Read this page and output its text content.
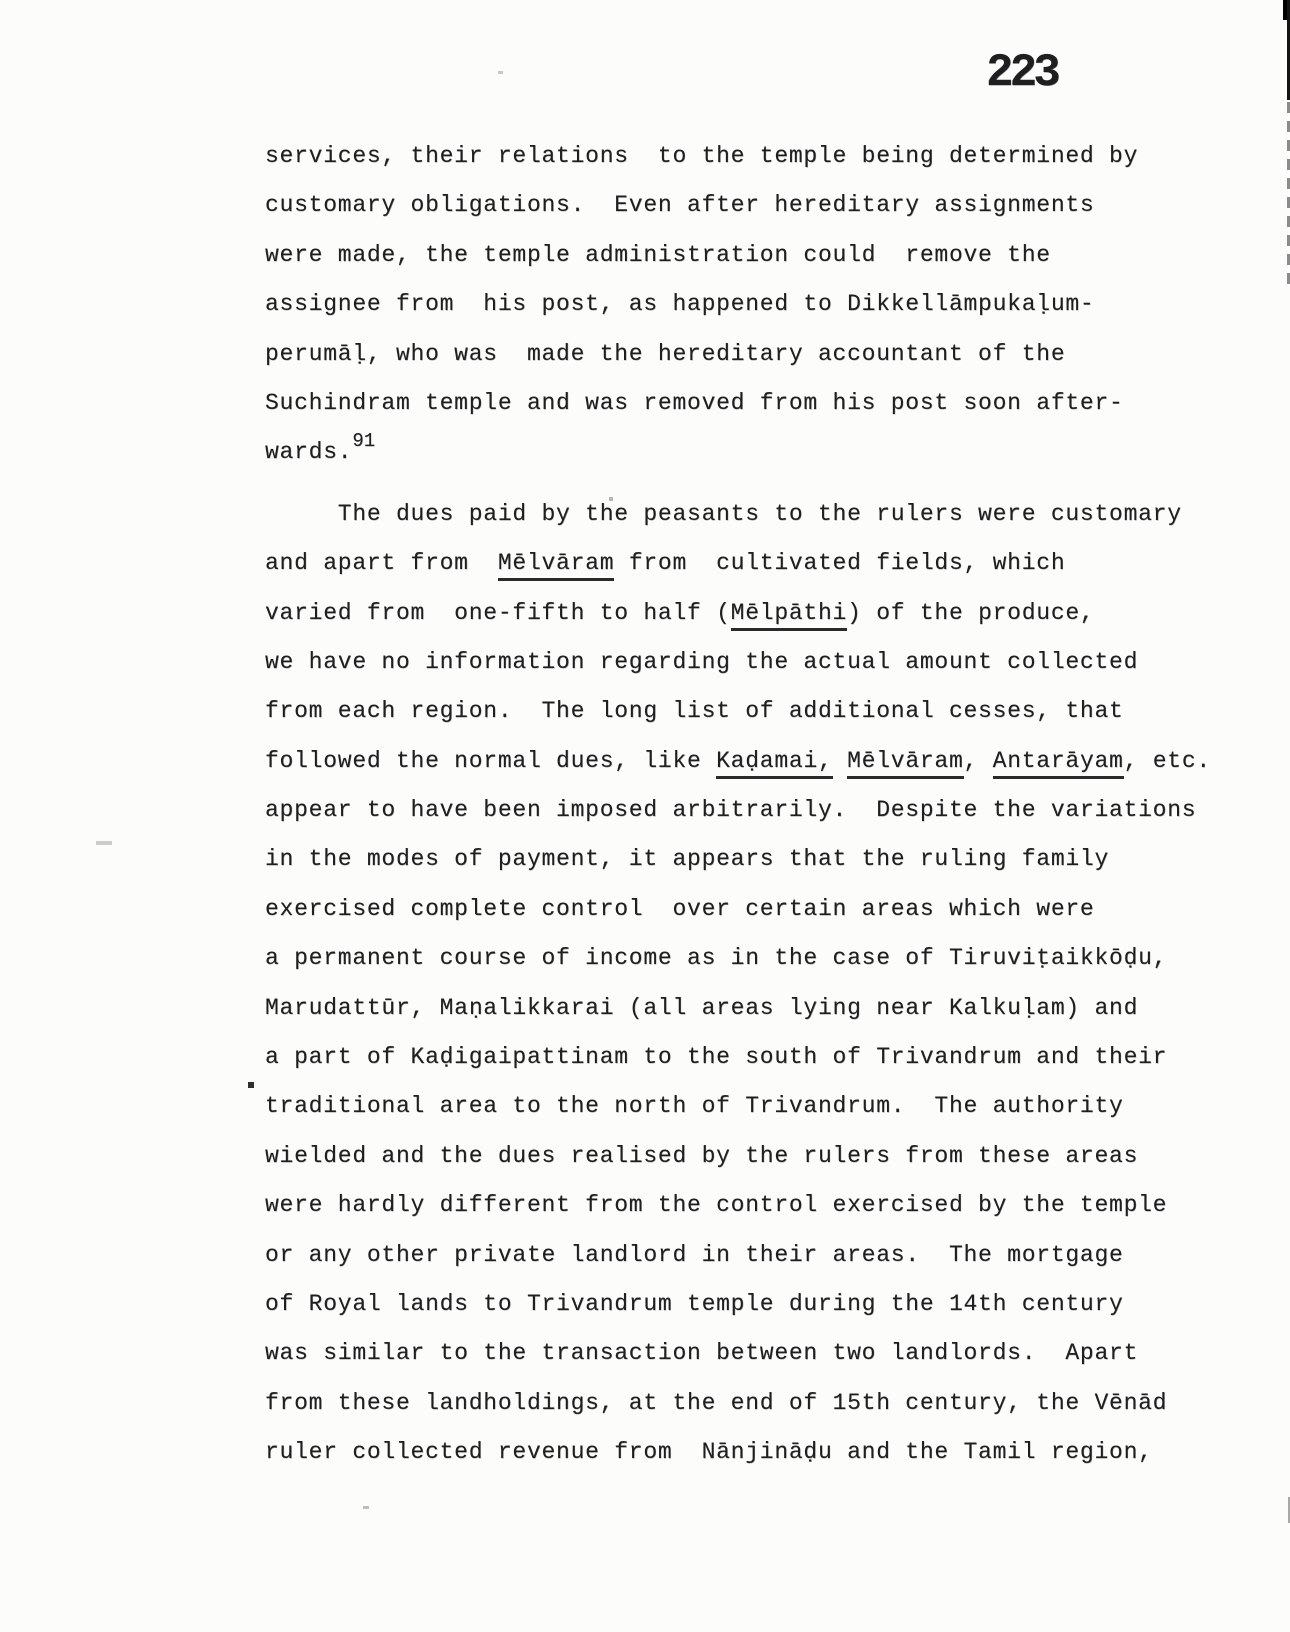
223
services, their relations  to the temple being determined by
customary obligations.  Even after hereditary assignments
were made, the temple administration could  remove the
assignee from  his post, as happened to Dikkellāmpukaḷum-
perumāḷ, who was  made the hereditary accountant of the
Suchindram temple and was removed from his post soon after-
wards.$^{91}$
The dues paid by the peasants to the rulers were customary
and apart from  Mēlvāram from  cultivated fields, which
varied from  one-fifth to half (Mēlpāthi) of the produce,
we have no information regarding the actual amount collected
from each region.  The long list of additional cesses, that
followed the normal dues, like Kaḍamai, Mēlvāram, Antarāyam, etc.
appear to have been imposed arbitrarily.  Despite the variations
in the modes of payment, it appears that the ruling family
exercised complete control  over certain areas which were
a permanent course of income as in the case of Tiruviṭaikkōḍu,
Marudattūr, Maṇalikkarai (all areas lying near Kalkuḷam) and
a part of Kaḍigaipattinam to the south of Trivandrum and their
traditional area to the north of Trivandrum.  The authority
wielded and the dues realised by the rulers from these areas
were hardly different from the control exercised by the temple
or any other private landlord in their areas.  The mortgage
of Royal lands to Trivandrum temple during the 14th century
was similar to the transaction between two landlords.  Apart
from these landholdings, at the end of 15th century, the Vēnād
ruler collected revenue from  Nānjināḍu and the Tamil region,
